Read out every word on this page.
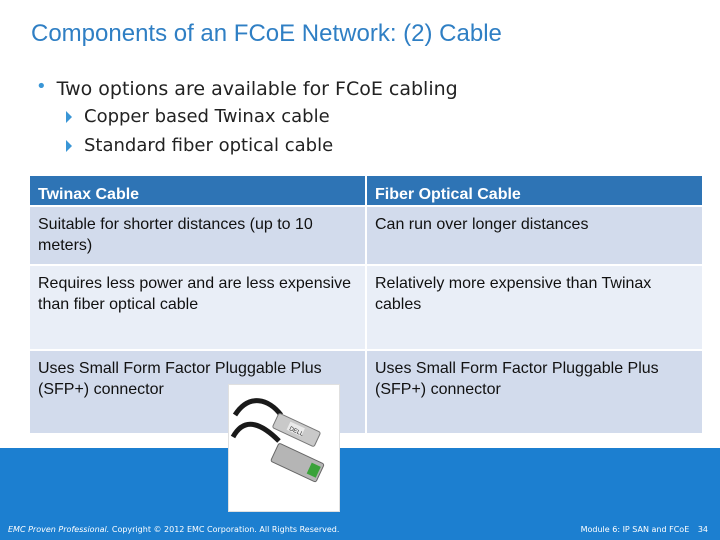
Components of an FCoE Network: (2) Cable
• Two options are available for FCoE cabling
Copper based Twinax cable
Standard fiber optical cable
Twinax Cable	Fiber Optical Cable
Suitable for shorter distances (up to 10 meters)	Can run over longer distances
Requires less power and are less expensive than fiber optical cable	Relatively more expensive than Twinax cables
Uses Small Form Factor Pluggable Plus (SFP+) connector	Uses Small Form Factor Pluggable Plus (SFP+) connector
DELL
EMC Proven Professional. Copyright © 2012 EMC Corporation. All Rights Reserved.	Module 6: IP SAN and FCoE 34
